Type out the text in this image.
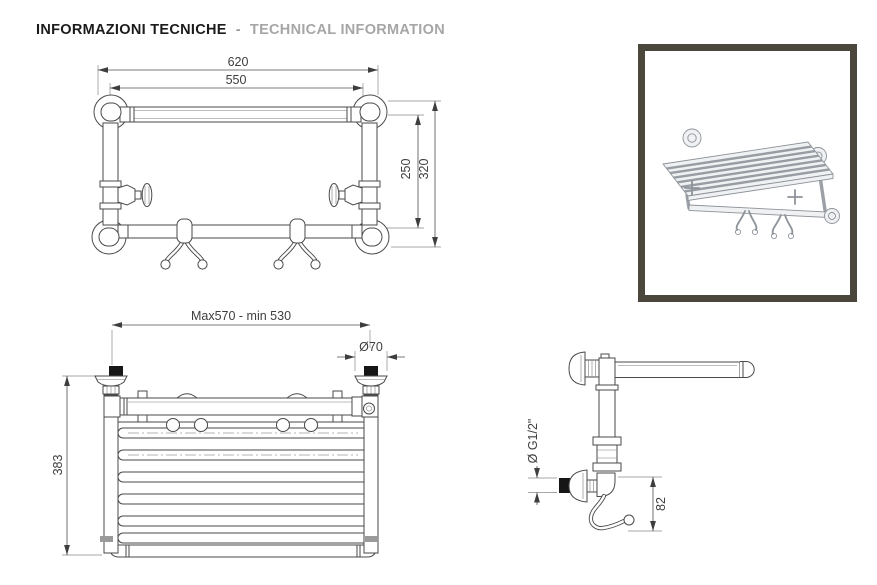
INFORMAZIONI TECNICHE - TECHNICAL INFORMATION
620
550
250 320
Max570 - min 530
Ø70
383
Ø G1/2"
82
